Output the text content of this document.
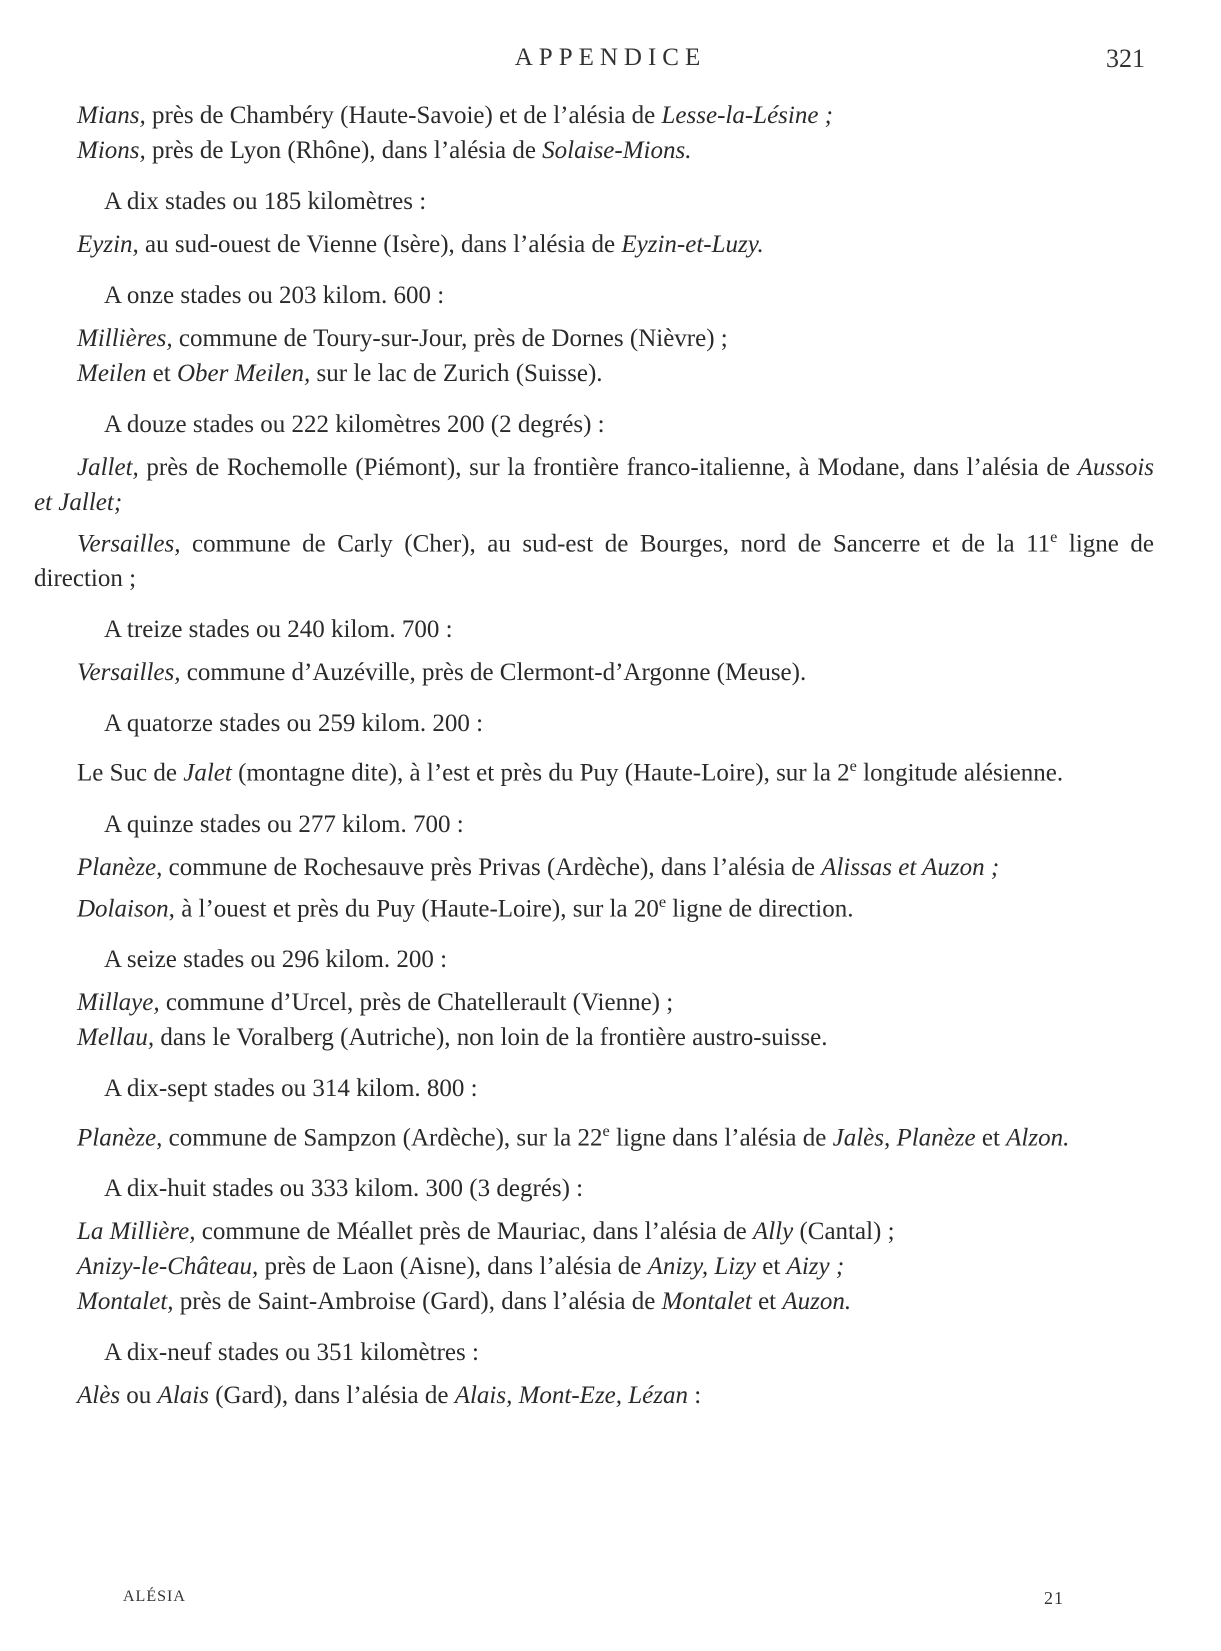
APPENDICE	321

Mians, près de Chambéry (Haute-Savoie) et de l’alésia de Lesse-la-Lésine ;

Mions, près de Lyon (Rhône), dans l’alésia de Solaise-Mions.

A dix stades ou 185 kilomètres :

Eyzin, au sud-ouest de Vienne (Isère), dans l’alésia de Eyzin-et-Luzy.

A onze stades ou 203 kilom. 600 :

Millières, commune de Toury-sur-Jour, près de Dornes (Nièvre) ;

Meilen et Ober Meilen, sur le lac de Zurich (Suisse).

A douze stades ou 222 kilomètres 200 (2 degrés) :

Jallet, près de Rochemolle (Piémont), sur la frontière franco-italienne, à Modane, dans l’alésia de Aussois et Jallet;

Versailles, commune de Carly (Cher), au sud-est de Bourges, nord de Sancerre et de la 11e ligne de direction ;

A treize stades ou 240 kilom. 700 :

Versailles, commune d’Auzéville, près de Clermont-d’Argonne (Meuse).

A quatorze stades ou 259 kilom. 200 :

Le Suc de Jalet (montagne dite), à l’est et près du Puy (Haute-Loire), sur la 2e longitude alésienne.

A quinze stades ou 277 kilom. 700 :

Planèze, commune de Rochesauve près Privas (Ardèche), dans l’alésia de Alissas et Auzon ;

Dolaison, à l’ouest et près du Puy (Haute-Loire), sur la 20e ligne de direction.

A seize stades ou 296 kilom. 200 :

Millaye, commune d’Urcel, près de Chatellerault (Vienne) ;

Mellau, dans le Voralberg (Autriche), non loin de la frontière austro-suisse.

A dix-sept stades ou 314 kilom. 800 :

Planèze, commune de Sampzon (Ardèche), sur la 22e ligne dans l’alésia de Jalès, Planèze et Alzon.

A dix-huit stades ou 333 kilom. 300 (3 degrés) :

La Millière, commune de Méallet près de Mauriac, dans l’alésia de Ally (Cantal) ;

Anizy-le-Château, près de Laon (Aisne), dans l’alésia de Anizy, Lizy et Aizy ;

Montalet, près de Saint-Ambroise (Gard), dans l’alésia de Montalet et Auzon.

A dix-neuf stades ou 351 kilomètres :

Alès ou Alais (Gard), dans l’alésia de Alais, Mont-Eze, Lézan :

ALÉSIA	21
